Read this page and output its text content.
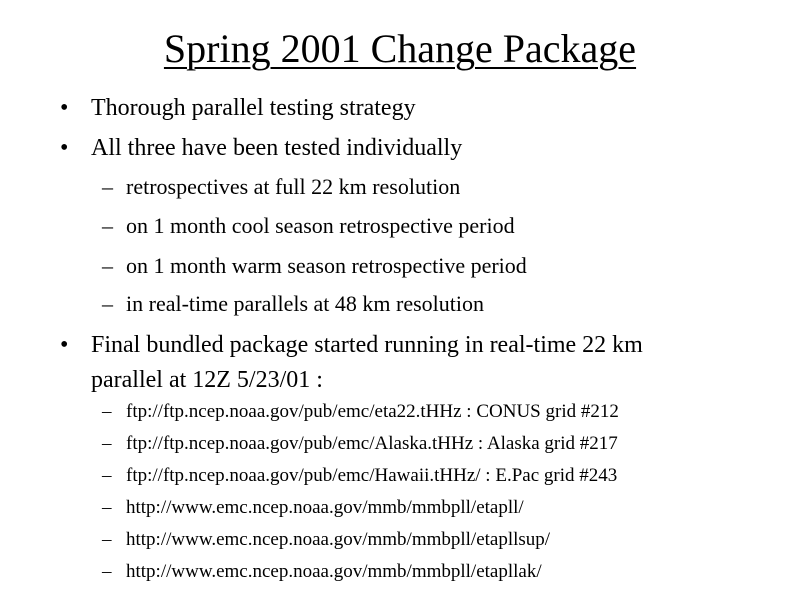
Spring 2001 Change Package
• Thorough parallel testing strategy
• All three have been tested individually
– retrospectives at full 22 km resolution
– on 1 month cool season retrospective period
– on 1 month warm season retrospective period
– in real-time parallels at 48 km resolution
• Final bundled package started running in real-time 22 km
parallel at 12Z 5/23/01 :
– ftp://ftp.ncep.noaa.gov/pub/emc/eta22.tHHz : CONUS grid #212
– ftp://ftp.ncep.noaa.gov/pub/emc/Alaska.tHHz : Alaska grid #217
– ftp://ftp.ncep.noaa.gov/pub/emc/Hawaii.tHHz/ : E.Pac grid #243
– http://www.emc.ncep.noaa.gov/mmb/mmbpll/etapll/
– http://www.emc.ncep.noaa.gov/mmb/mmbpll/etapllsup/
– http://www.emc.ncep.noaa.gov/mmb/mmbpll/etapllak/
